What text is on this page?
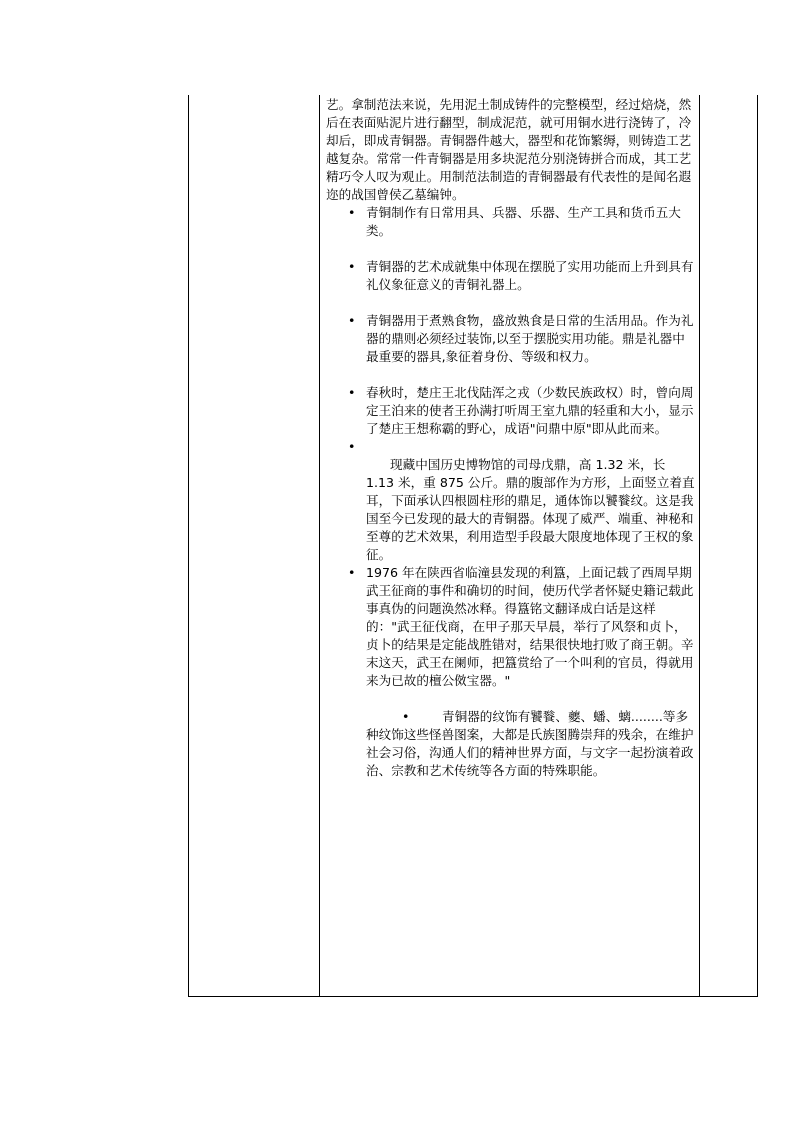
艺。拿制范法来说，先用泥土制成铸件的完整模型，经过焙烧，然后在表面贴泥片进行翻型，制成泥范，就可用铜水进行浇铸了，冷却后，即成青铜器。青铜器件越大，器型和花饰繁缛，则铸造工艺越复杂。常常一件青铜器是用多块泥范分别浇铸拼合而成，其工艺精巧令人叹为观止。用制范法制造的青铜器最有代表性的是闻名遐迩的战国曾侯乙墓编钟。

• 青铜制作有日常用具、兵器、乐器、生产工具和货币五大类。
• 青铜器的艺术成就集中体现在摆脱了实用功能而上升到具有礼仪象征意义的青铜礼器上。
• 青铜器用于煮熟食物，盛放熟食是日常的生活用品。作为礼器的鼎则必须经过装饰,以至于摆脱实用功能。鼎是礼器中最重要的器具,象征着身份、等级和权力。
• 春秋时，楚庄王北伐陆浑之戎（少数民族政权）时，曾向周定王泊来的使者王孙满打听周王室九鼎的轻重和大小，显示了楚庄王想称霸的野心，成语"问鼎中原"即从此而来。
•

现藏中国历史博物馆的司母戊鼎，高 1.32 米，长 1.13 米，重 875 公斤。鼎的腹部作为方形，上面竖立着直耳，下面承认四根圆柱形的鼎足，通体饰以饕餮纹。这是我国至今已发现的最大的青铜器。体现了威严、端重、神秘和至尊的艺术效果，利用造型手段最大限度地体现了王权的象征。
• 1976 年在陕西省临潼县发现的利簋，上面记载了西周早期武王征商的事件和确切的时间，使历代学者怀疑史籍记载此事真伪的问题涣然冰释。得簋铭文翻译成白话是这样的："武王征伐商，在甲子那天早晨，举行了风祭和贞卜，贞卜的结果是定能战胜错对，结果很快地打败了商王朝。辛末这天，武王在阑师，把簋赏给了一个叫利的官员，得就用来为已故的檀公傚宝器。"
•	青铜器的纹饰有饕餮、夔、蟠、螭........等多种纹饰这些怪兽图案，大都是氏族图腾崇拜的残余，在维护社会习俗，沟通人们的精神世界方面，与文字一起扮演着政治、宗教和艺术传统等各方面的特殊职能。
